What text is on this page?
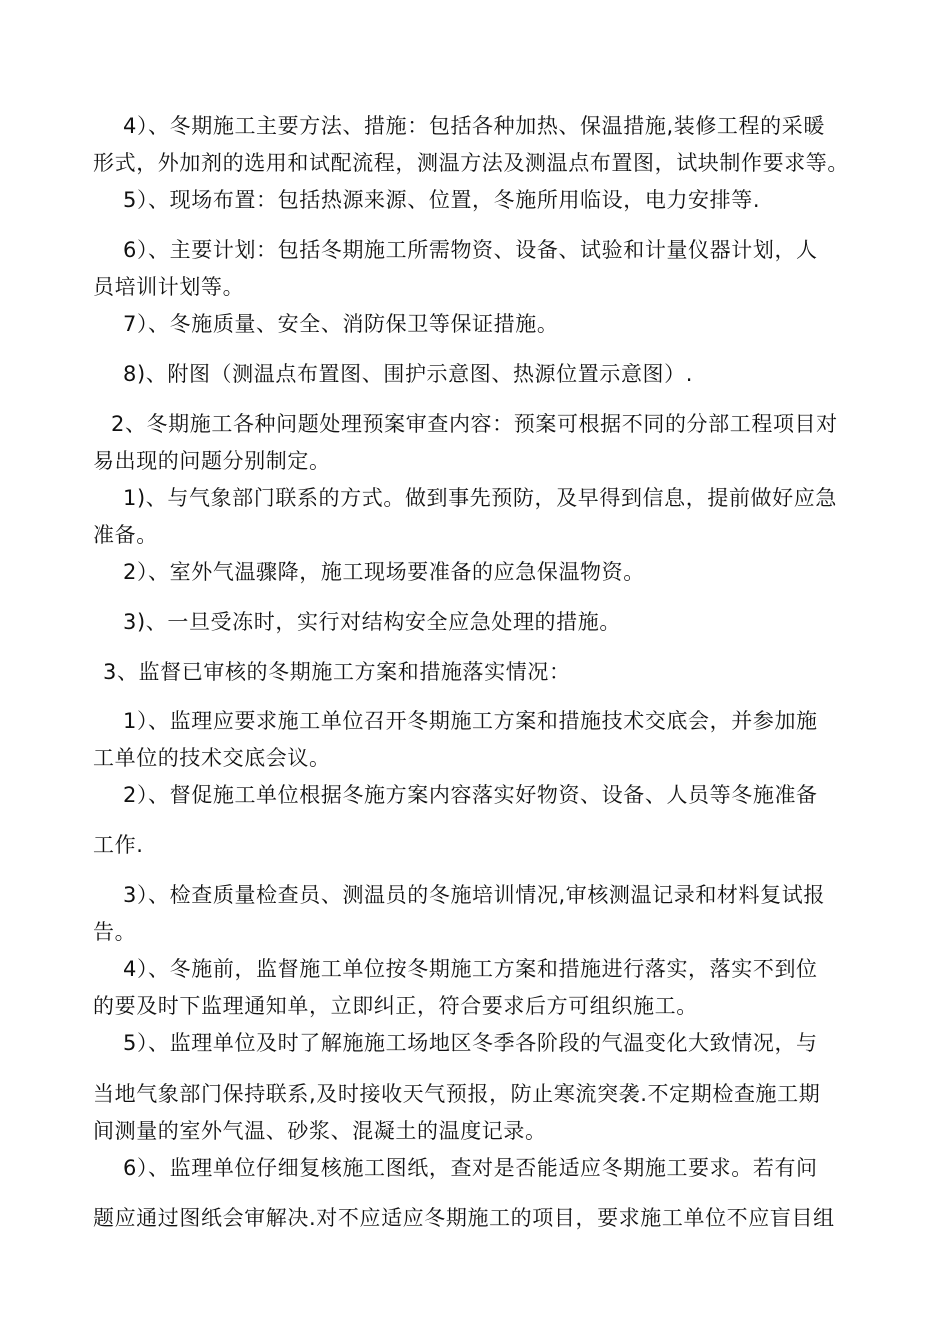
4）、冬期施工主要方法、措施：包括各种加热、保温措施,装修工程的采暖
形式，外加剂的选用和试配流程，测温方法及测温点布置图，试块制作要求等。
5）、现场布置：包括热源来源、位置，冬施所用临设，电力安排等.
6）、主要计划：包括冬期施工所需物资、设备、试验和计量仪器计划，人
员培训计划等。
7）、冬施质量、安全、消防保卫等保证措施。
8)、附图（测温点布置图、围护示意图、热源位置示意图）.
2、冬期施工各种问题处理预案审查内容：预案可根据不同的分部工程项目对
易出现的问题分别制定。
1)、与气象部门联系的方式。做到事先预防，及早得到信息，提前做好应急
准备。
2）、室外气温骤降，施工现场要准备的应急保温物资。
3)、一旦受冻时，实行对结构安全应急处理的措施。
3、监督已审核的冬期施工方案和措施落实情况：
1）、监理应要求施工单位召开冬期施工方案和措施技术交底会，并参加施
工单位的技术交底会议。
2）、督促施工单位根据冬施方案内容落实好物资、设备、人员等冬施准备
工作.
3）、检查质量检查员、测温员的冬施培训情况,审核测温记录和材料复试报
告。
4）、冬施前，监督施工单位按冬期施工方案和措施进行落实，落实不到位
的要及时下监理通知单，立即纠正，符合要求后方可组织施工。
5）、监理单位及时了解施施工场地区冬季各阶段的气温变化大致情况，与
当地气象部门保持联系,及时接收天气预报，防止寒流突袭.不定期检查施工期
间测量的室外气温、砂浆、混凝土的温度记录。
6）、监理单位仔细复核施工图纸，查对是否能适应冬期施工要求。若有问
题应通过图纸会审解决.对不应适应冬期施工的项目，要求施工单位不应盲目组
